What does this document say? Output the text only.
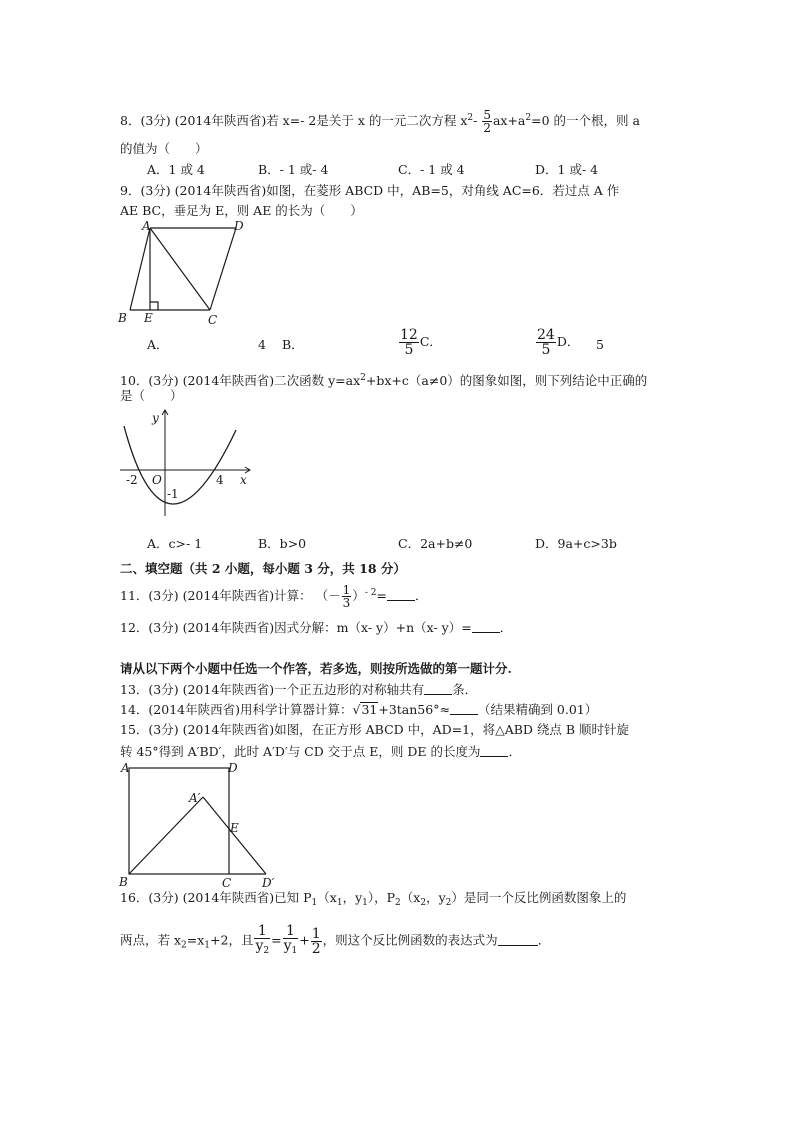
8．(3分) (2014年陕西省)若 x=- 2是关于 x 的一元二次方程 $x^2- \frac{5}{2} ax+a^2=0$ 的一个根，则 a
的值为（　　）
A．1 或 4	B．- 1 或- 4	C．- 1 或 4	D．1 或- 4
9．(3分) (2014年陕西省)如图，在菱形 ABCD 中，AB=5，对角线 AC=6．若过点 A 作
AE BC，垂足为 E，则 AE 的长为（　　）
A	D
B E	C
A．	4 B．	$\frac{12}{5}$ C．	$\frac{24}{5}$ D． 5
10．(3分) (2014年陕西省)二次函数 $y=ax^2+bx+c(a\ne 0)$的图象如图，则下列结论中正确的
是（　　）
y
x
O
-2	4
-1
A．c>- 1	B．b>0	C．2a+b≠0	D．9a+c>3b
二、填空题（共 2 小题，每小题 3 分，共 18 分）
11．(3分) (2014年陕西省)计算： （－ $\frac{1}{3} )^{- 2}=$ ．
12．(3分) (2014年陕西省)因式分解：m（x- y）+n（x- y）= ．
请从以下两个小题中任选一个作答，若多选，则按所选做的第一题计分.
13．(3分) (2014年陕西省)一个正五边形的对称轴共有 条．
14．(2014年陕西省)用科学计算器计算：√31+3tan56°≈ （结果精确到 0.01）
15．(3分) (2014年陕西省)如图，在正方形 ABCD 中，AD=1，将△ABD 绕点 B 顺时针旋
转 45°得到 A′BD′，此时 A′D′与 CD 交于点 E，则 DE 的长度为 ．
A	D
A′
E
B	C	D′
16．(3分) (2014年陕西省)已知 $P_1(x_1$，$y_1$），$P_2(x_2$，$y_2$）是同一个反比例函数图象上的
两点，若 $x_2=x_1+2$，且 $\frac{1}{y_2} = \frac{1}{y_1} + \frac{1}{2}$ ，则这个反比例函数的表达式为	．
